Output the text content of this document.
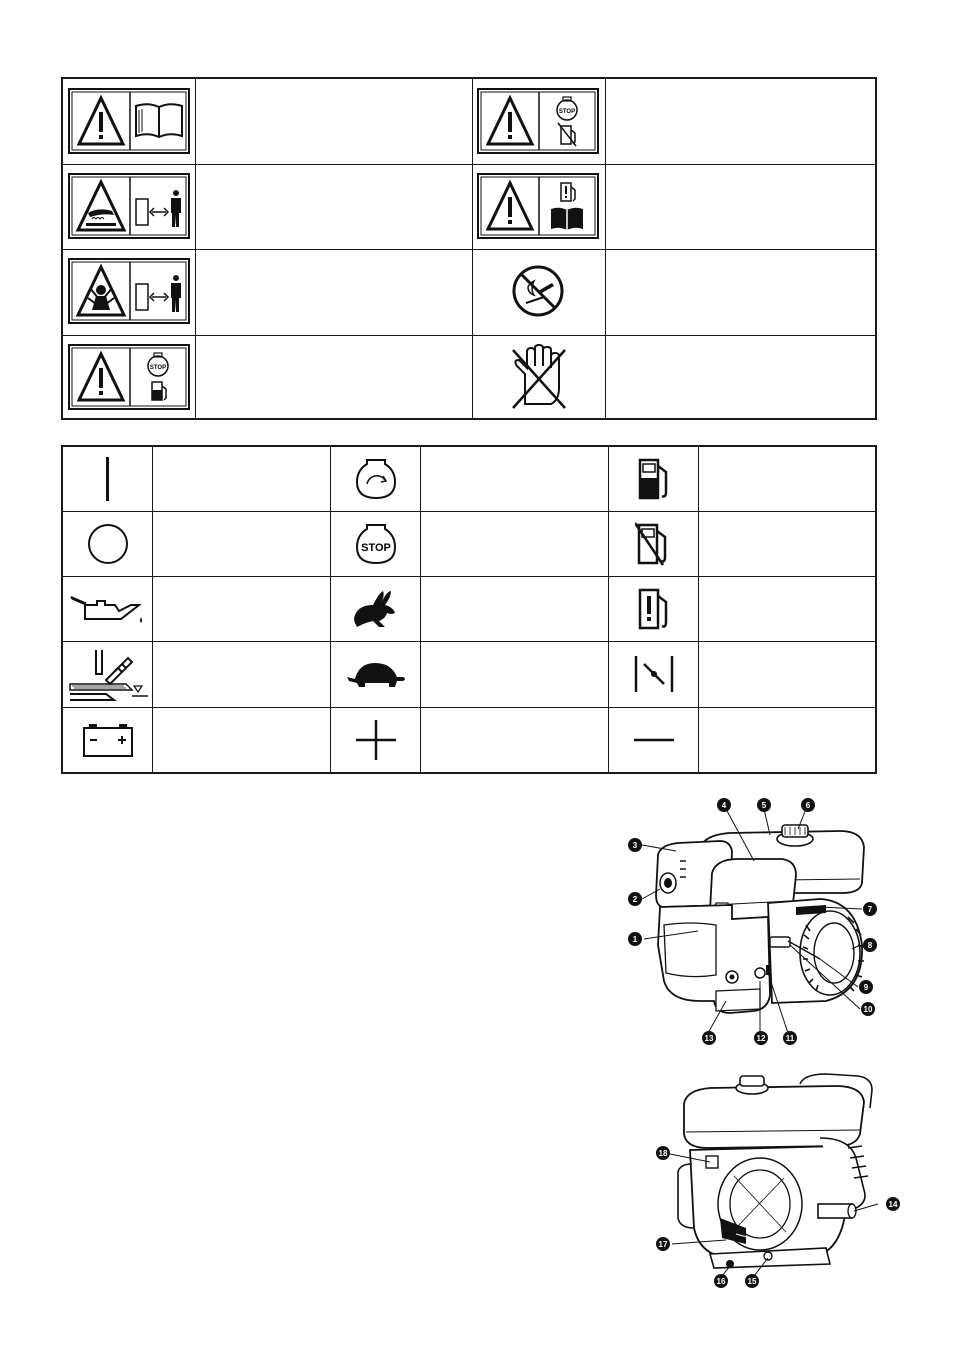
STOP
STOP
STOP
1
2
3
4	5	6
7
8
9
10
11
12
13
18
14
15
16
17
